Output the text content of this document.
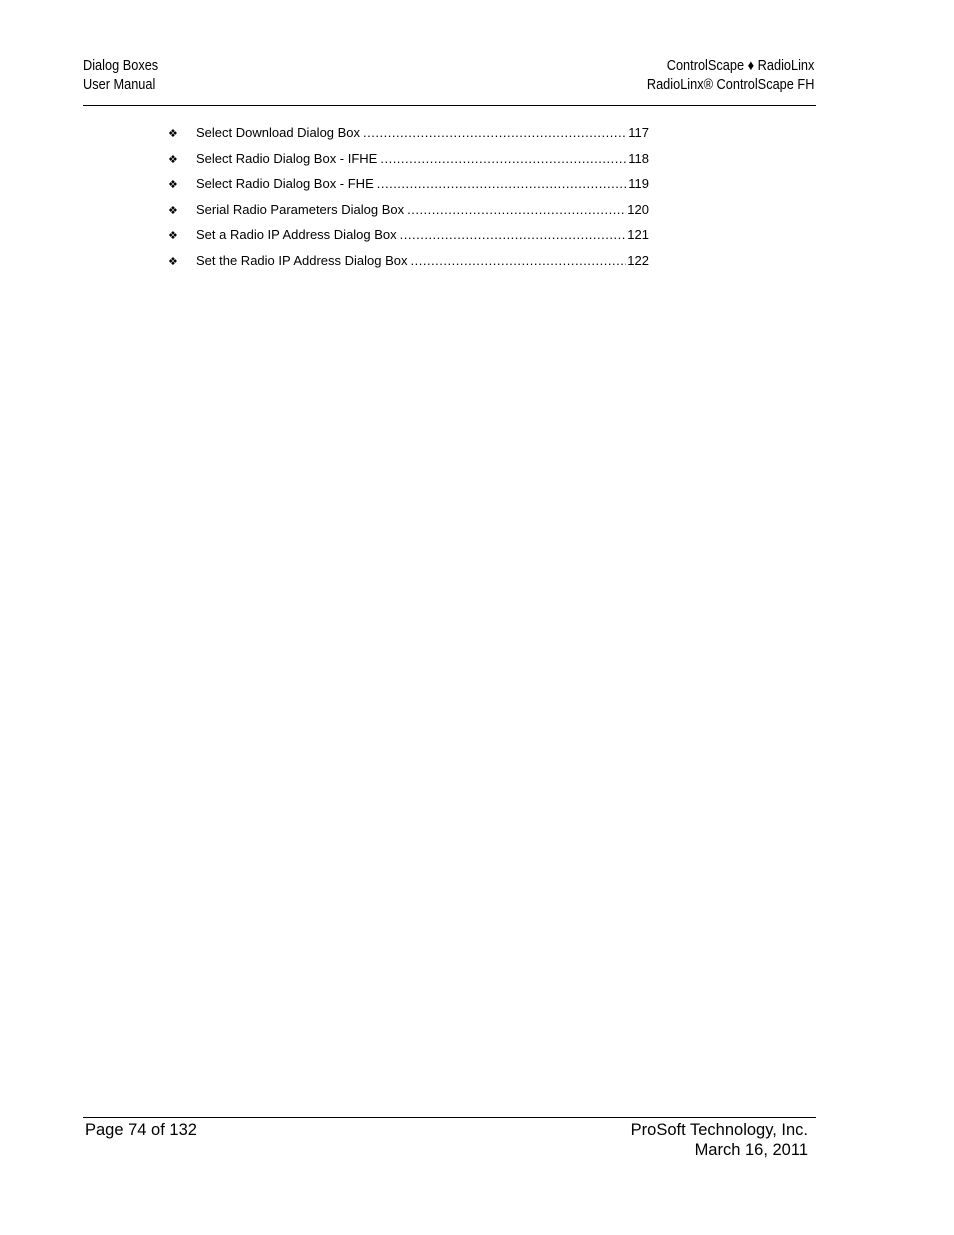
Dialog Boxes
User Manual
ControlScape ♦ RadioLinx
RadioLinx® ControlScape FH
❖	Select Download Dialog Box .....	117
❖	Select Radio Dialog Box - IFHE .....	118
❖	Select Radio Dialog Box - FHE .....	119
❖	Serial Radio Parameters Dialog Box .....	120
❖	Set a Radio IP Address Dialog Box .....	121
❖	Set the Radio IP Address Dialog Box .....	122
Page 74 of 132	ProSoft Technology, Inc.
March 16, 2011
